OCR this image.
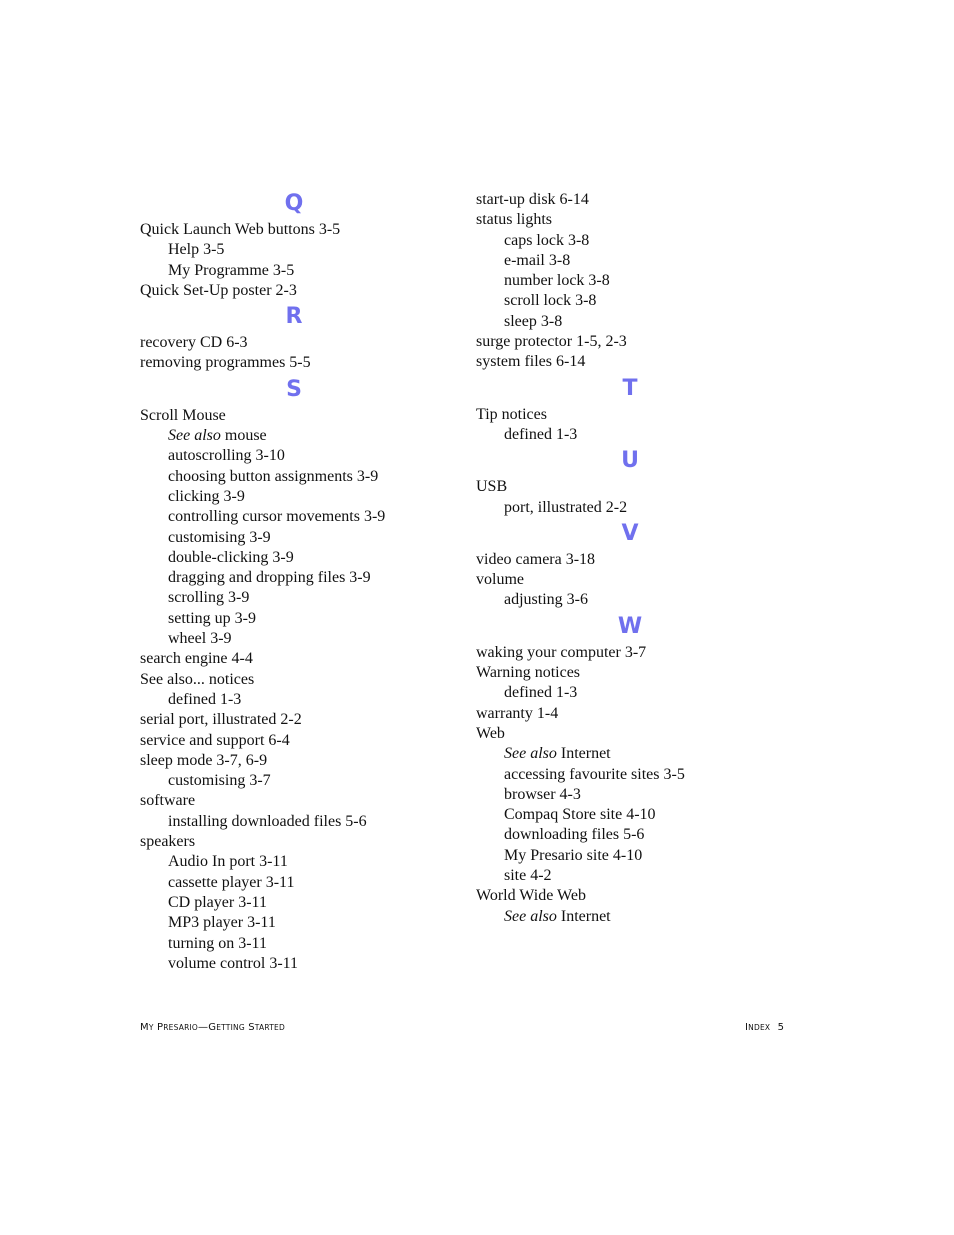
Q
Quick Launch Web buttons 3-5
Help 3-5
My Programme 3-5
Quick Set-Up poster 2-3
R
recovery CD 6-3
removing programmes 5-5
S
Scroll Mouse
See also mouse
autoscrolling 3-10
choosing button assignments 3-9
clicking 3-9
controlling cursor movements 3-9
customising 3-9
double-clicking 3-9
dragging and dropping files 3-9
scrolling 3-9
setting up 3-9
wheel 3-9
search engine 4-4
See also... notices
defined 1-3
serial port, illustrated 2-2
service and support 6-4
sleep mode 3-7, 6-9
customising 3-7
software
installing downloaded files 5-6
speakers
Audio In port 3-11
cassette player 3-11
CD player 3-11
MP3 player 3-11
turning on 3-11
volume control 3-11
start-up disk 6-14
status lights
caps lock 3-8
e-mail 3-8
number lock 3-8
scroll lock 3-8
sleep 3-8
surge protector 1-5, 2-3
system files 6-14
T
Tip notices
defined 1-3
U
USB
port, illustrated 2-2
V
video camera 3-18
volume
adjusting 3-6
W
waking your computer 3-7
Warning notices
defined 1-3
warranty 1-4
Web
See also Internet
accessing favourite sites 3-5
browser 4-3
Compaq Store site 4-10
downloading files 5-6
My Presario site 4-10
site 4-2
World Wide Web
See also Internet
MY PRESARIO—GETTING STARTED	INDEX 5
